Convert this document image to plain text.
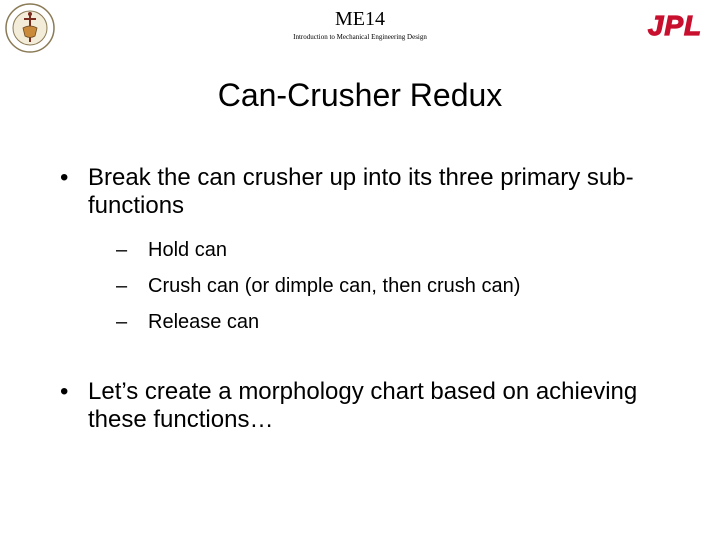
ME14
Introduction to Mechanical Engineering Design	JPL
Can-Crusher Redux
• Break the can crusher up into its three primary sub-functions
– Hold can
– Crush can (or dimple can, then crush can)
– Release can
• Let’s create a morphology chart based on achieving these functions…
